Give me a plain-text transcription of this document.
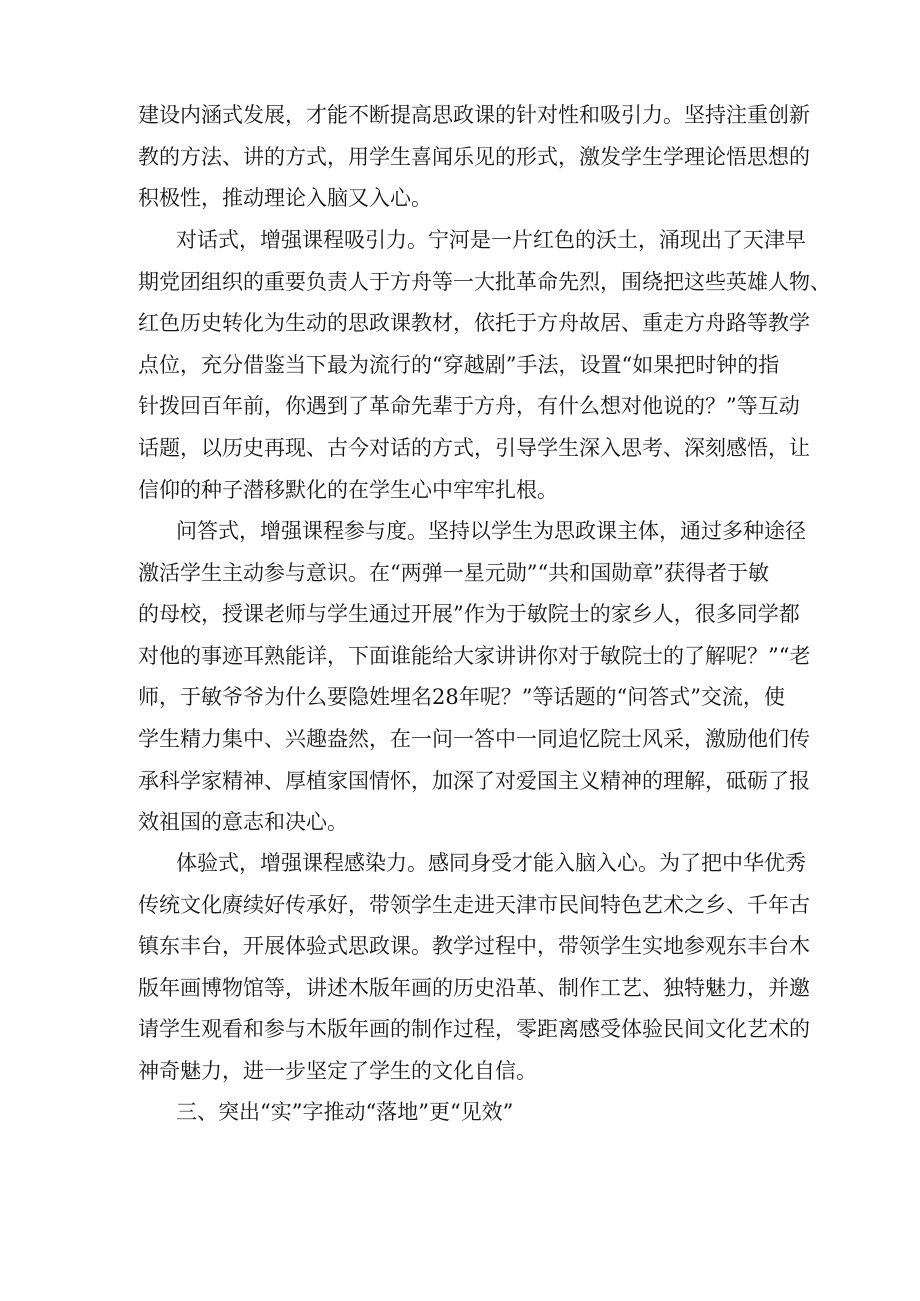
建设内涵式发展，才能不断提高思政课的针对性和吸引力。坚持注重创新
教的方法、讲的方式，用学生喜闻乐见的形式，激发学生学理论悟思想的
积极性，推动理论入脑又入心。
对话式，增强课程吸引力。宁河是一片红色的沃土，涌现出了天津早
期党团组织的重要负责人于方舟等一大批革命先烈，围绕把这些英雄人物、
红色历史转化为生动的思政课教材，依托于方舟故居、重走方舟路等教学
点位，充分借鉴当下最为流行的“穿越剧”手法，设置“如果把时钟的指
针拨回百年前，你遇到了革命先辈于方舟，有什么想对他说的？”等互动
话题，以历史再现、古今对话的方式，引导学生深入思考、深刻感悟，让
信仰的种子潜移默化的在学生心中牢牢扎根。
问答式，增强课程参与度。坚持以学生为思政课主体，通过多种途径
激活学生主动参与意识。在“两弹一星元勋”“共和国勋章”获得者于敏
的母校，授课老师与学生通过开展”作为于敏院士的家乡人，很多同学都
对他的事迹耳熟能详，下面谁能给大家讲讲你对于敏院士的了解呢？”“老
师，于敏爷爷为什么要隐姓埋名28年呢？”等话题的“问答式”交流，使
学生精力集中、兴趣盎然，在一问一答中一同追忆院士风采，激励他们传
承科学家精神、厚植家国情怀，加深了对爱国主义精神的理解，砥砺了报
效祖国的意志和决心。
体验式，增强课程感染力。感同身受才能入脑入心。为了把中华优秀
传统文化赓续好传承好，带领学生走进天津市民间特色艺术之乡、千年古
镇东丰台，开展体验式思政课。教学过程中，带领学生实地参观东丰台木
版年画博物馆等，讲述木版年画的历史沿革、制作工艺、独特魅力，并邀
请学生观看和参与木版年画的制作过程，零距离感受体验民间文化艺术的
神奇魅力，进一步坚定了学生的文化自信。
三、突出“实”字推动“落地”更“见效”
